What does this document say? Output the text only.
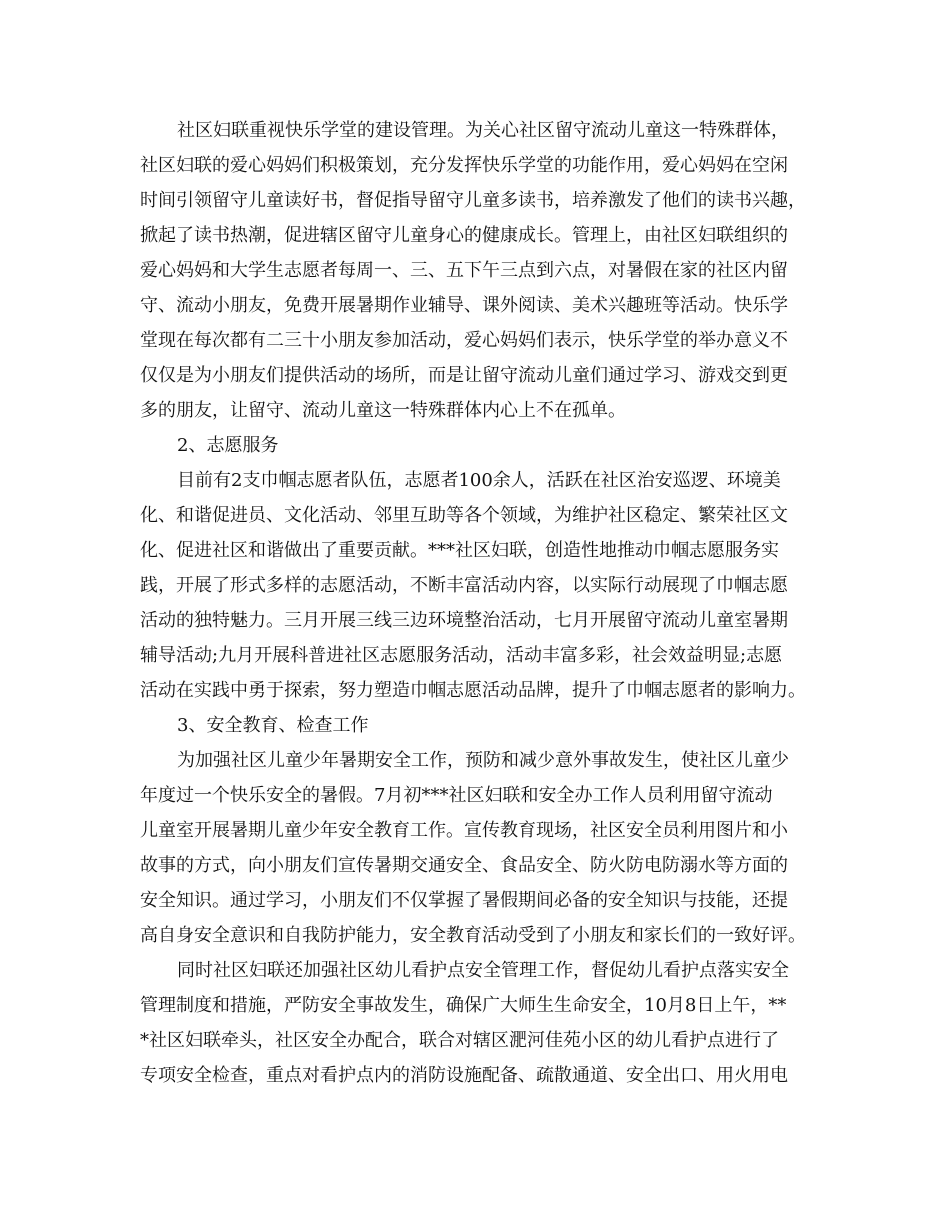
社区妇联重视快乐学堂的建设管理。为关心社区留守流动儿童这一特殊群体，
社区妇联的爱心妈妈们积极策划，充分发挥快乐学堂的功能作用，爱心妈妈在空闲
时间引领留守儿童读好书，督促指导留守儿童多读书，培养激发了他们的读书兴趣，
掀起了读书热潮，促进辖区留守儿童身心的健康成长。管理上，由社区妇联组织的
爱心妈妈和大学生志愿者每周一、三、五下午三点到六点，对暑假在家的社区内留
守、流动小朋友，免费开展暑期作业辅导、课外阅读、美术兴趣班等活动。快乐学
堂现在每次都有二三十小朋友参加活动，爱心妈妈们表示，快乐学堂的举办意义不
仅仅是为小朋友们提供活动的场所，而是让留守流动儿童们通过学习、游戏交到更
多的朋友，让留守、流动儿童这一特殊群体内心上不在孤单。
2、志愿服务
目前有2支巾帼志愿者队伍，志愿者100余人，活跃在社区治安巡逻、环境美
化、和谐促进员、文化活动、邻里互助等各个领域，为维护社区稳定、繁荣社区文
化、促进社区和谐做出了重要贡献。***社区妇联，创造性地推动巾帼志愿服务实
践，开展了形式多样的志愿活动，不断丰富活动内容，以实际行动展现了巾帼志愿
活动的独特魅力。三月开展三线三边环境整治活动，七月开展留守流动儿童室暑期
辅导活动;九月开展科普进社区志愿服务活动，活动丰富多彩，社会效益明显;志愿
活动在实践中勇于探索，努力塑造巾帼志愿活动品牌，提升了巾帼志愿者的影响力。
3、安全教育、检查工作
为加强社区儿童少年暑期安全工作，预防和减少意外事故发生，使社区儿童少
年度过一个快乐安全的暑假。7月初***社区妇联和安全办工作人员利用留守流动
儿童室开展暑期儿童少年安全教育工作。宣传教育现场，社区安全员利用图片和小
故事的方式，向小朋友们宣传暑期交通安全、食品安全、防火防电防溺水等方面的
安全知识。通过学习，小朋友们不仅掌握了暑假期间必备的安全知识与技能，还提
高自身安全意识和自我防护能力，安全教育活动受到了小朋友和家长们的一致好评。
同时社区妇联还加强社区幼儿看护点安全管理工作，督促幼儿看护点落实安全
管理制度和措施，严防安全事故发生，确保广大师生生命安全，10月8日上午，**
*社区妇联牵头，社区安全办配合，联合对辖区淝河佳苑小区的幼儿看护点进行了
专项安全检查，重点对看护点内的消防设施配备、疏散通道、安全出口、用火用电
